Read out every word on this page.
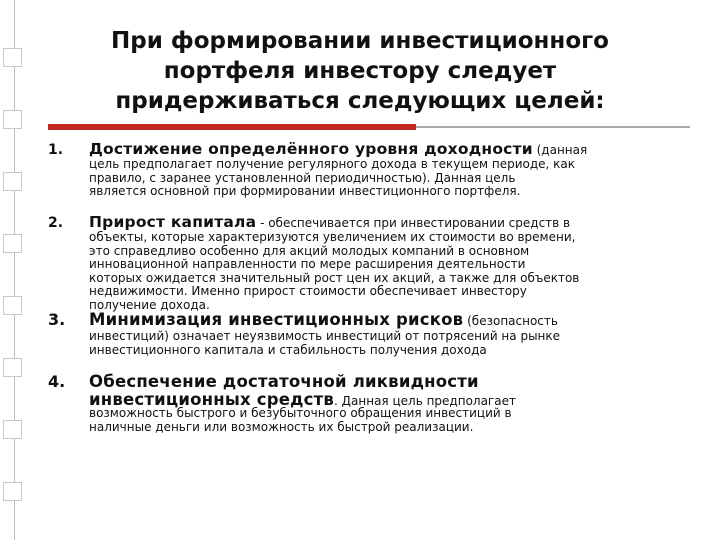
При формировании инвестиционного
портфеля инвестору следует
придерживаться следующих целей:
1. Достижение определённого уровня доходности (данная
цель предполагает получение регулярного дохода в текущем периоде, как
правило, с заранее установленной периодичностью). Данная цель
является основной при формировании инвестиционного портфеля.
2. Прирост капитала - обеспечивается при инвестировании средств в
объекты, которые характеризуются увеличением их стоимости во времени,
это справедливо особенно для акций молодых компаний в основном
инновационной направленности по мере расширения деятельности
которых ожидается значительный рост цен их акций, а также для объектов
недвижимости. Именно прирост стоимости обеспечивает инвестору
получение дохода.
3. Минимизация инвестиционных рисков (безопасность
инвестиций) означает неуязвимость инвестиций от потрясений на рынке
инвестиционного капитала и стабильность получения дохода
4. Обеспечение достаточной ликвидности
инвестиционных средств. Данная цель предполагает
возможность быстрого и безубыточного обращения инвестиций в
наличные деньги или возможность их быстрой реализации.
